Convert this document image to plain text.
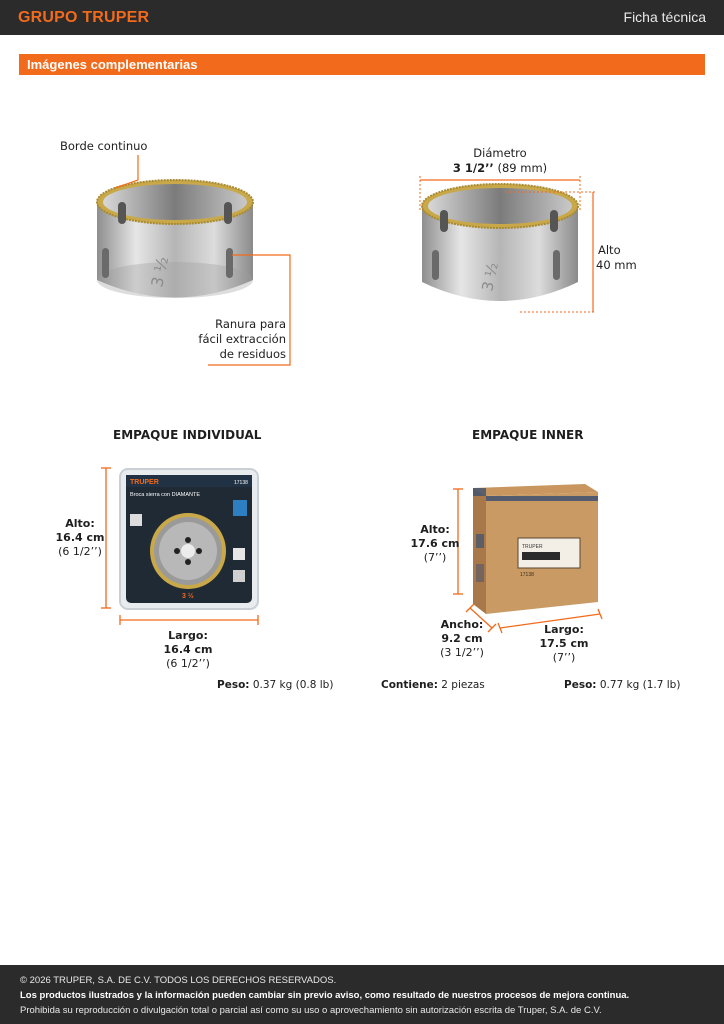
GRUPO TRUPER	Ficha técnica
Imágenes complementarias
3 ½
Borde continuo
Ranura para
fácil extracción
de residuos
3 ½
Diámetro
3 1/2’’ (89 mm)
Alto
40 mm
EMPAQUE INDIVIDUAL
TRUPER	17138
Broca sierra con DIAMANTE
3 ½
Alto:
16.4 cm
(6 1/2’’)
Largo:
16.4 cm
(6 1/2’’)
Peso: 0.37 kg (0.8 lb)
EMPAQUE INNER
TRUPER
17138
Alto:
17.6 cm
(7’’)
Ancho:
9.2 cm
(3 1/2’’)
Largo:
17.5 cm
(7’’)
Contiene: 2 piezas	Peso: 0.77 kg (1.7 lb)
© 2026 TRUPER, S.A. DE C.V. TODOS LOS DERECHOS RESERVADOS.
Los productos ilustrados y la información pueden cambiar sin previo aviso, como resultado de nuestros procesos de mejora continua.
Prohibida su reproducción o divulgación total o parcial así como su uso o aprovechamiento sin autorización escrita de Truper, S.A. de C.V.
